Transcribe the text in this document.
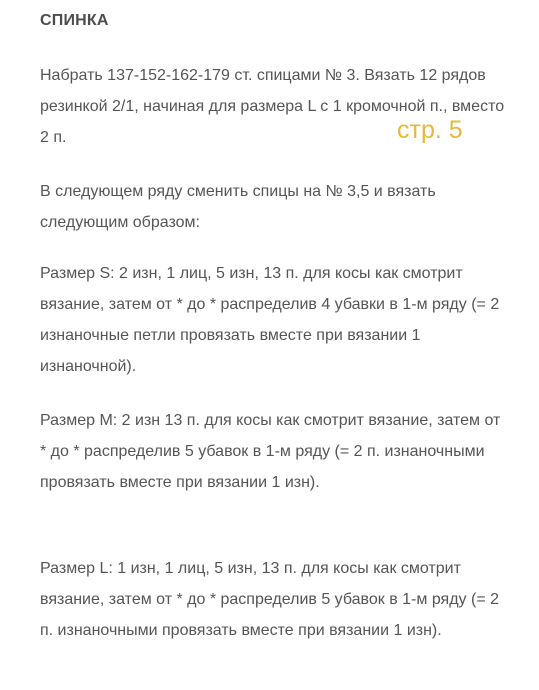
СПИНКА

Набрать 137-152-162-179 ст. спицами № 3. Вязать 12 рядов резинкой 2/1, начиная для размера L с 1 кромочной п., вместо 2 п.	стр. 5

В следующем ряду сменить спицы на № 3,5 и вязать следующим образом:

Размер S: 2 изн, 1 лиц, 5 изн, 13 п. для косы как смотрит вязание, затем от * до * распределив 4 убавки в 1-м ряду (= 2 изнаночные петли провязать вместе при вязании 1 изнаночной).

Размер M: 2 изн 13 п. для косы как смотрит вязание, затем от * до * распределив 5 убавок в 1-м ряду (= 2 п. изнаночными провязать вместе при вязании 1 изн).

Размер L: 1 изн, 1 лиц, 5 изн, 13 п. для косы как смотрит вязание, затем от * до * распределив 5 убавок в 1-м ряду (= 2 п. изнаночными провязать вместе при вязании 1 изн).
